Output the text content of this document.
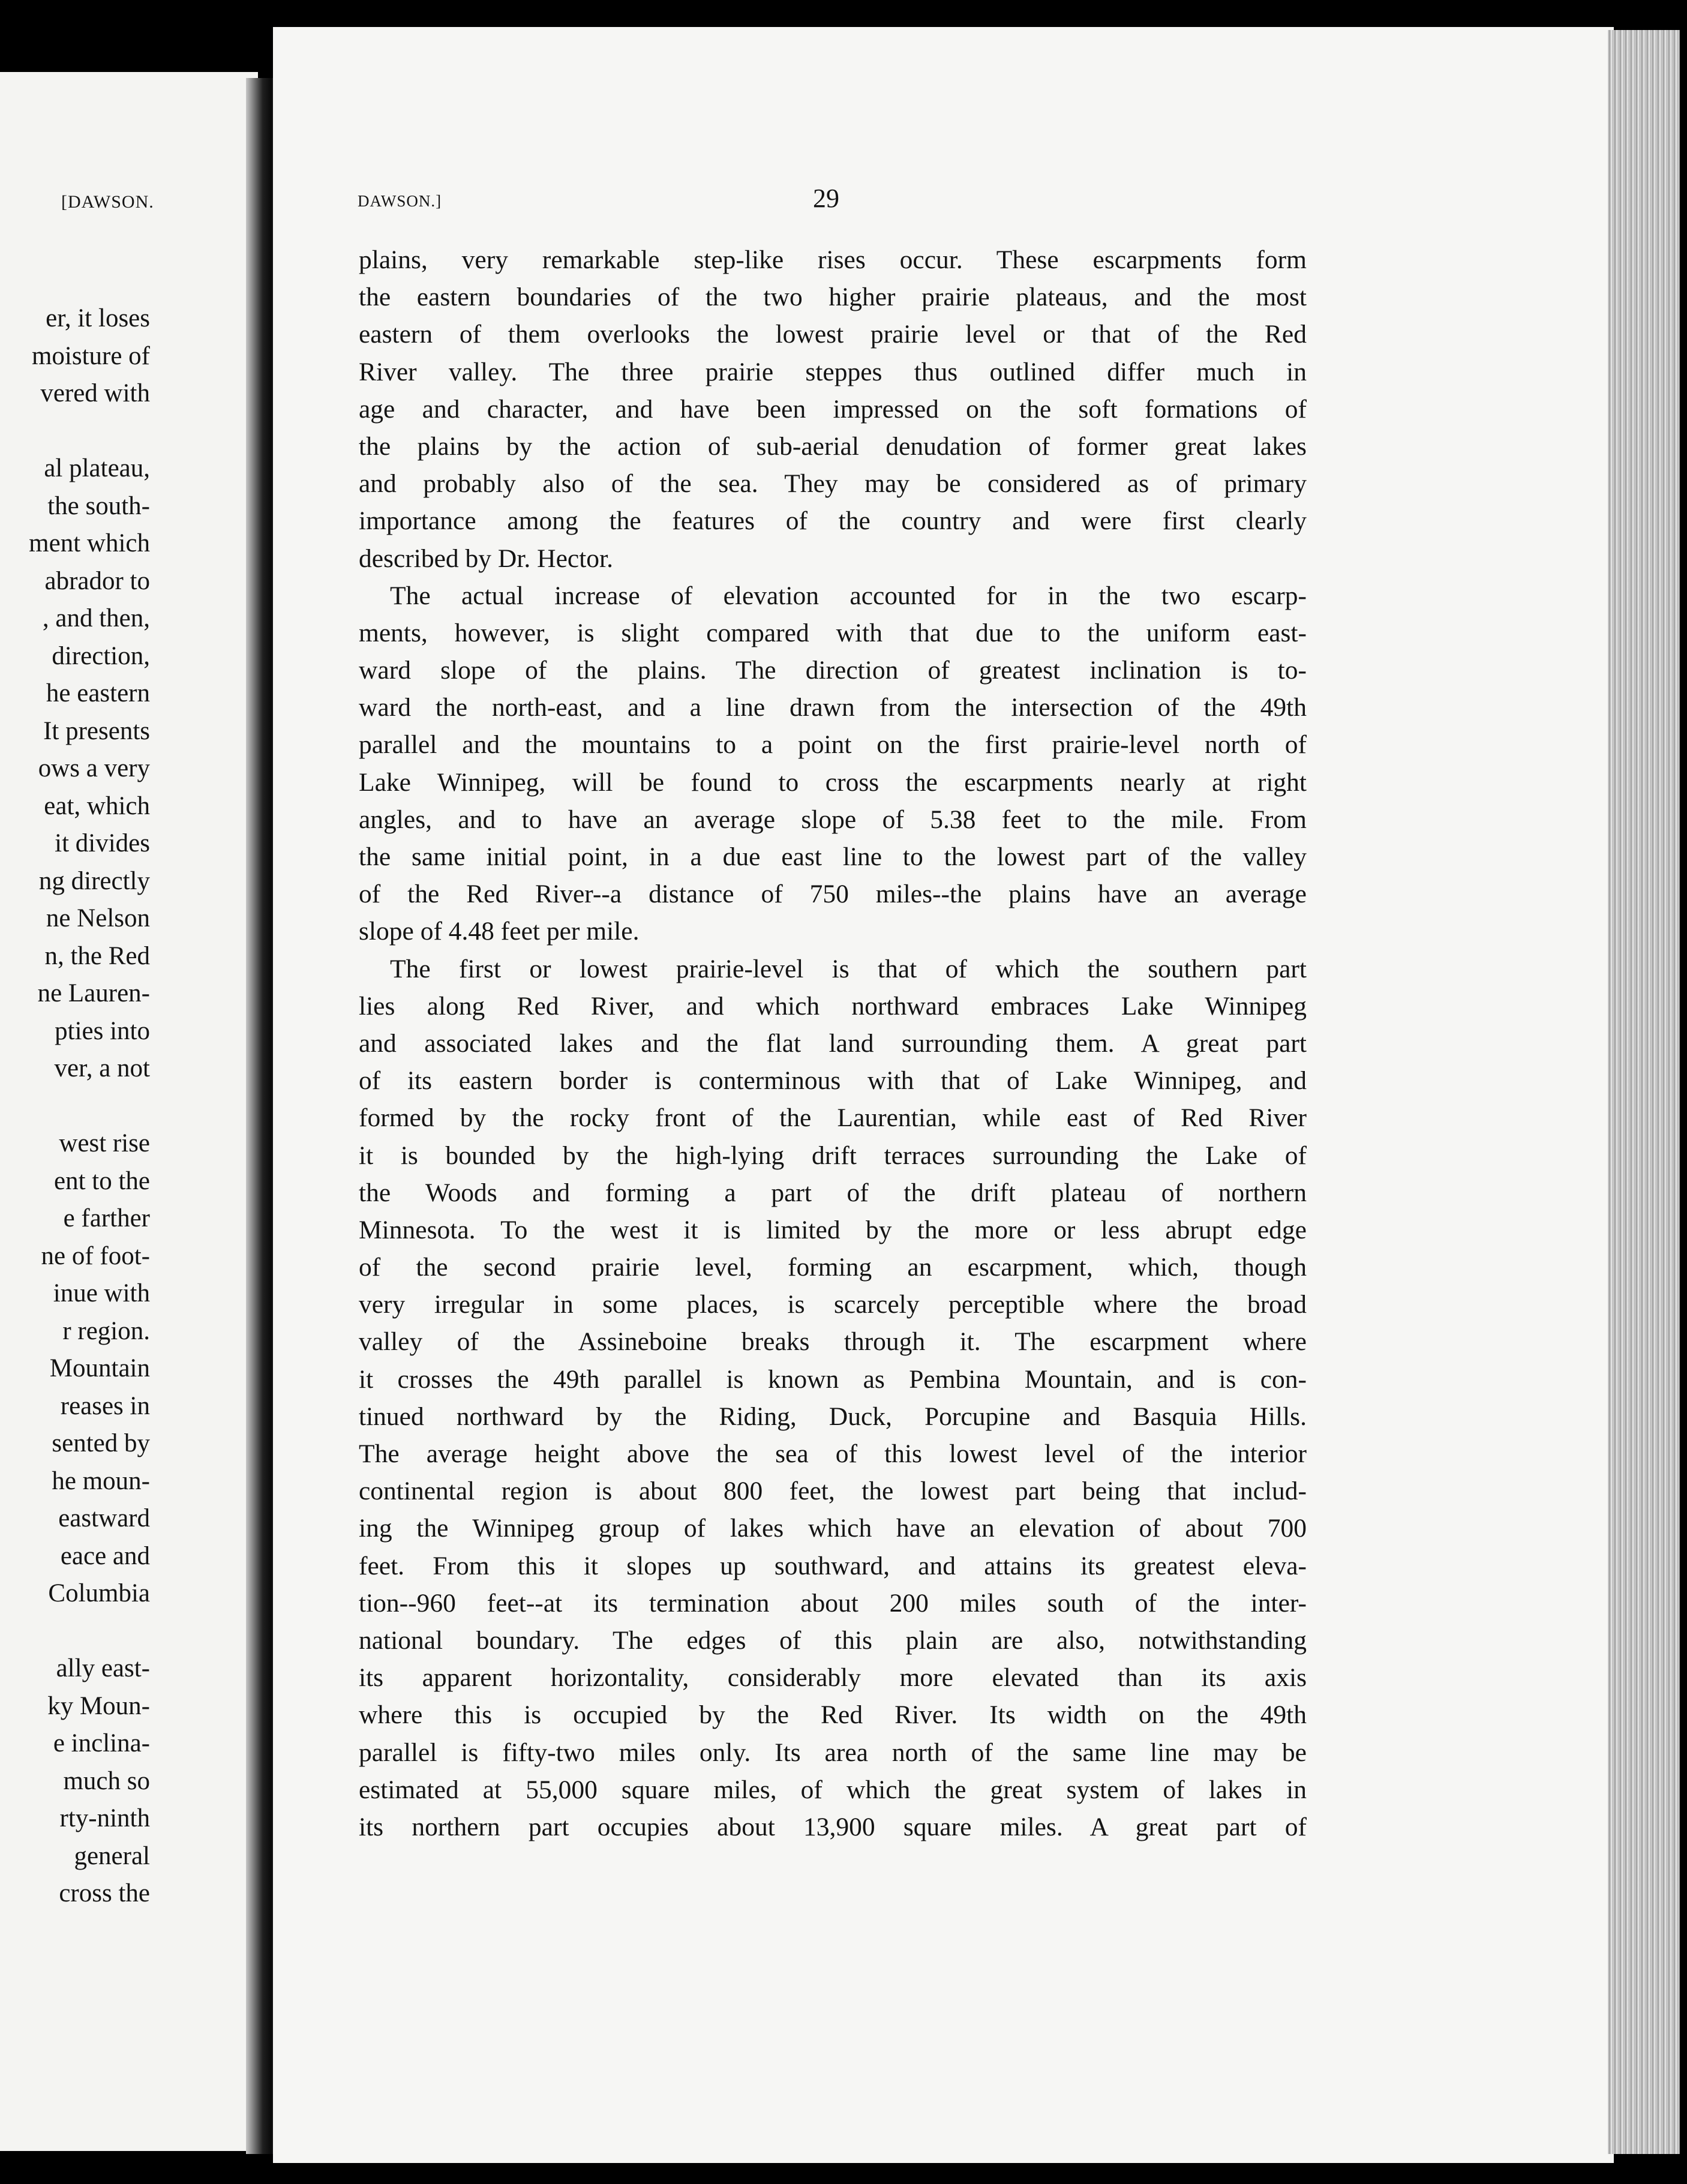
[DAWSON.
er, it loses
moisture of
vered with
al plateau,
the south-
ment which
abrador to
, and then,
direction,
he eastern
It presents
ows a very
eat, which
it divides
ng directly
ne Nelson
n, the Red
ne Lauren-
pties into
ver, a not
west rise
ent to the
e farther
ne of foot-
inue with
r region.
Mountain
reases in
sented by
he moun-
eastward
eace and
Columbia
ally east-
ky Moun-
e inclina-
much so
rty-ninth
general
cross the
DAWSON.]	29
plains, very remarkable step-like rises occur. These escarpments form
the eastern boundaries of the two higher prairie plateaus, and the most
eastern of them overlooks the lowest prairie level or that of the Red
River valley. The three prairie steppes thus outlined differ much in
age and character, and have been impressed on the soft formations of
the plains by the action of sub-aerial denudation of former great lakes
and probably also of the sea. They may be considered as of primary
importance among the features of the country and were first clearly
described by Dr. Hector.
The actual increase of elevation accounted for in the two escarp-
ments, however, is slight compared with that due to the uniform east-
ward slope of the plains. The direction of greatest inclination is to-
ward the north-east, and a line drawn from the intersection of the 49th
parallel and the mountains to a point on the first prairie-level north of
Lake Winnipeg, will be found to cross the escarpments nearly at right
angles, and to have an average slope of 5.38 feet to the mile. From
the same initial point, in a due east line to the lowest part of the valley
of the Red River--a distance of 750 miles--the plains have an average
slope of 4.48 feet per mile.
The first or lowest prairie-level is that of which the southern part
lies along Red River, and which northward embraces Lake Winnipeg
and associated lakes and the flat land surrounding them. A great part
of its eastern border is conterminous with that of Lake Winnipeg, and
formed by the rocky front of the Laurentian, while east of Red River
it is bounded by the high-lying drift terraces surrounding the Lake of
the Woods and forming a part of the drift plateau of northern
Minnesota. To the west it is limited by the more or less abrupt edge
of the second prairie level, forming an escarpment, which, though
very irregular in some places, is scarcely perceptible where the broad
valley of the Assineboine breaks through it. The escarpment where
it crosses the 49th parallel is known as Pembina Mountain, and is con-
tinued northward by the Riding, Duck, Porcupine and Basquia Hills.
The average height above the sea of this lowest level of the interior
continental region is about 800 feet, the lowest part being that includ-
ing the Winnipeg group of lakes which have an elevation of about 700
feet. From this it slopes up southward, and attains its greatest eleva-
tion--960 feet--at its termination about 200 miles south of the inter-
national boundary. The edges of this plain are also, notwithstanding
its apparent horizontality, considerably more elevated than its axis
where this is occupied by the Red River. Its width on the 49th
parallel is fifty-two miles only. Its area north of the same line may be
estimated at 55,000 square miles, of which the great system of lakes in
its northern part occupies about 13,900 square miles. A great part of
